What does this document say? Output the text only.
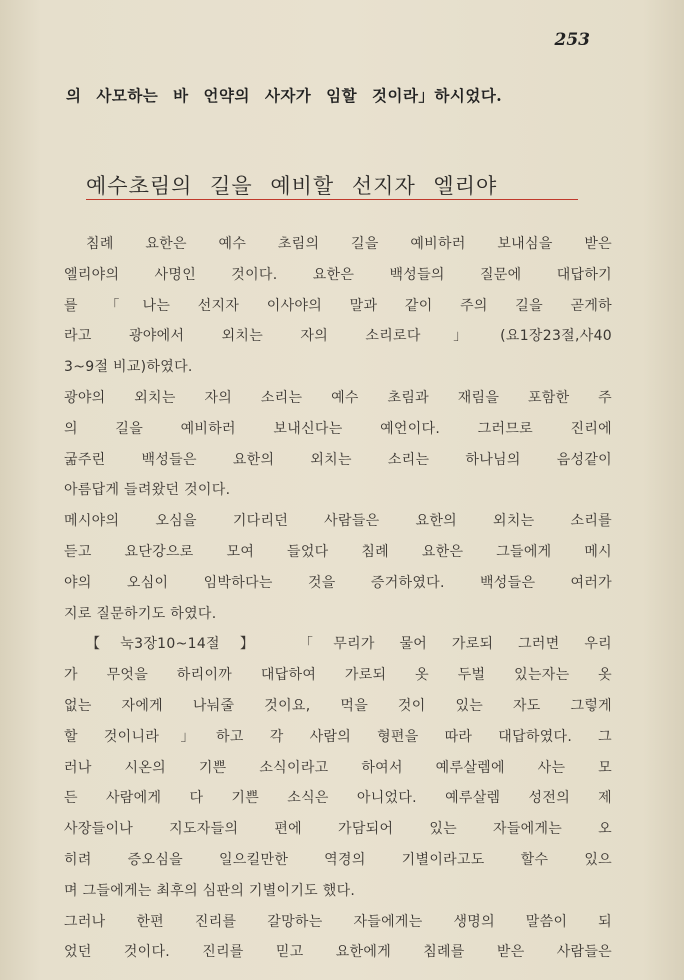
253
의 사모하는 바 언약의 사자가 임할 것이라」하시었다.
예수초림의 길을 예비할 선지자 엘리야
침례 요한은 예수 초림의 길을 예비하러 보내심을 받은
엘리야의 사명인 것이다. 요한은 백성들의 질문에 대답하기
를 「나는 선지자 이사야의 말과 같이 주의 길을 곧게하
라고 광야에서 외치는 자의 소리로다」(요1장23절,사40
3~9절 비교)하였다.
광야의 외치는 자의 소리는 예수 초림과 재림을 포함한 주
의 길을 예비하러 보내신다는 예언이다. 그러므로 진리에
굶주린 백성들은 요한의 외치는 소리는 하나님의 음성같이
아름답게 들려왔던 것이다.
메시야의 오심을 기다리던 사람들은 요한의 외치는 소리를
듣고 요단강으로 모여 들었다 침례 요한은 그들에게 메시
야의 오심이 임박하다는 것을 증거하였다. 백성들은 여러가
지로 질문하기도 하였다.
【눅3장10~14절】 「무리가 물어 가로되 그러면 우리
가 무엇을 하리이까 대답하여 가로되 옷 두벌 있는자는 옷
없는 자에게 나눠줄 것이요, 먹을 것이 있는 자도 그렇게
할 것이니라」하고 각 사람의 형편을 따라 대답하였다. 그
러나 시온의 기쁜 소식이라고 하여서 예루살렘에 사는 모
든 사람에게 다 기쁜 소식은 아니었다. 예루살렘 성전의 제
사장들이나 지도자들의 편에 가담되어 있는 자들에게는 오
히려 증오심을 일으킬만한 역경의 기별이라고도 할수 있으
며 그들에게는 최후의 심판의 기별이기도 했다.
그러나 한편 진리를 갈망하는 자들에게는 생명의 말씀이 되
었던 것이다. 진리를 믿고 요한에게 침례를 받은 사람들은
